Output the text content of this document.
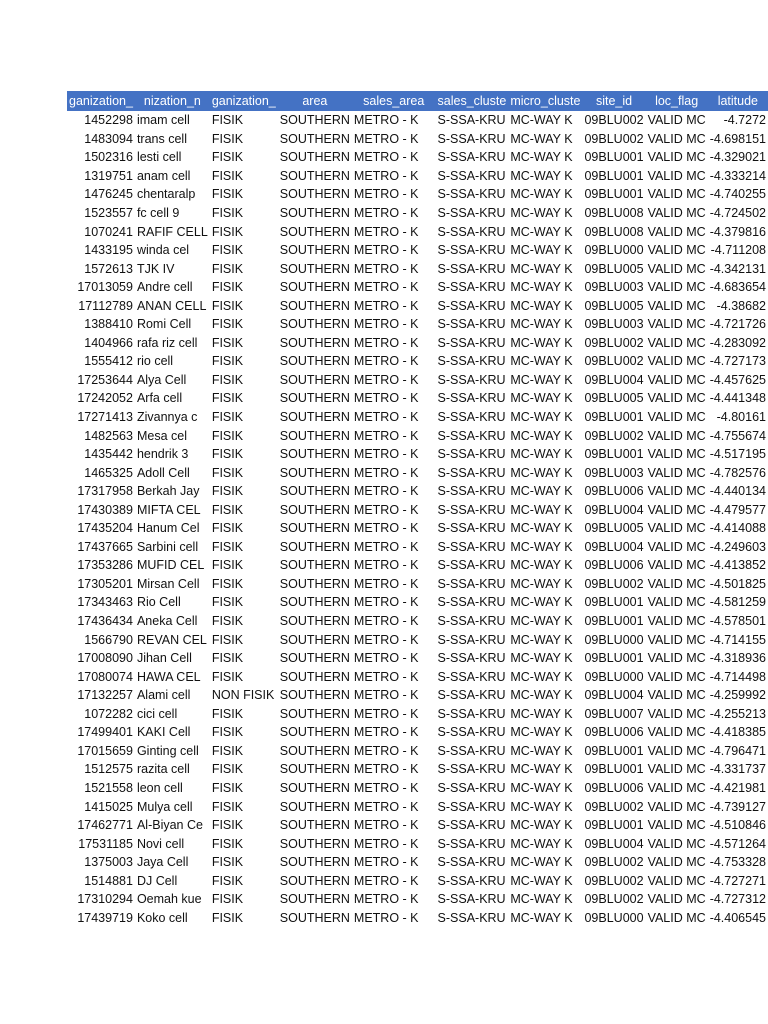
ganization_	nization_n	ganization_	area	sales_area	sales_cluste	micro_cluste	site_id	loc_flag	latitude
1452298	imam cell	FISIK	SOUTHERN	METRO - K	S-SSA-KRU	MC-WAY K	09BLU002	VALID MC	-4.7272
1483094	trans cell	FISIK	SOUTHERN	METRO - K	S-SSA-KRU	MC-WAY K	09BLU002	VALID MC	-4.698151
1502316	lesti cell	FISIK	SOUTHERN	METRO - K	S-SSA-KRU	MC-WAY K	09BLU001	VALID MC	-4.329021
1319751	anam cell	FISIK	SOUTHERN	METRO - K	S-SSA-KRU	MC-WAY K	09BLU001	VALID MC	-4.333214
1476245	chentaralp	FISIK	SOUTHERN	METRO - K	S-SSA-KRU	MC-WAY K	09BLU001	VALID MC	-4.740255
1523557	fc cell 9	FISIK	SOUTHERN	METRO - K	S-SSA-KRU	MC-WAY K	09BLU008	VALID MC	-4.724502
1070241	RAFIF CELL	FISIK	SOUTHERN	METRO - K	S-SSA-KRU	MC-WAY K	09BLU008	VALID MC	-4.379816
1433195	winda cel	FISIK	SOUTHERN	METRO - K	S-SSA-KRU	MC-WAY K	09BLU000	VALID MC	-4.711208
1572613	TJK IV	FISIK	SOUTHERN	METRO - K	S-SSA-KRU	MC-WAY K	09BLU005	VALID MC	-4.342131
17013059	Andre cell	FISIK	SOUTHERN	METRO - K	S-SSA-KRU	MC-WAY K	09BLU003	VALID MC	-4.683654
17112789	ANAN CELL	FISIK	SOUTHERN	METRO - K	S-SSA-KRU	MC-WAY K	09BLU005	VALID MC	-4.38682
1388410	Romi Cell	FISIK	SOUTHERN	METRO - K	S-SSA-KRU	MC-WAY K	09BLU003	VALID MC	-4.721726
1404966	rafa riz cell	FISIK	SOUTHERN	METRO - K	S-SSA-KRU	MC-WAY K	09BLU002	VALID MC	-4.283092
1555412	rio cell	FISIK	SOUTHERN	METRO - K	S-SSA-KRU	MC-WAY K	09BLU002	VALID MC	-4.727173
17253644	Alya Cell	FISIK	SOUTHERN	METRO - K	S-SSA-KRU	MC-WAY K	09BLU004	VALID MC	-4.457625
17242052	Arfa cell	FISIK	SOUTHERN	METRO - K	S-SSA-KRU	MC-WAY K	09BLU005	VALID MC	-4.441348
17271413	Zivannya c	FISIK	SOUTHERN	METRO - K	S-SSA-KRU	MC-WAY K	09BLU001	VALID MC	-4.80161
1482563	Mesa cel	FISIK	SOUTHERN	METRO - K	S-SSA-KRU	MC-WAY K	09BLU002	VALID MC	-4.755674
1435442	hendrik 3	FISIK	SOUTHERN	METRO - K	S-SSA-KRU	MC-WAY K	09BLU001	VALID MC	-4.517195
1465325	Adoll Cell	FISIK	SOUTHERN	METRO - K	S-SSA-KRU	MC-WAY K	09BLU003	VALID MC	-4.782576
17317958	Berkah Jay	FISIK	SOUTHERN	METRO - K	S-SSA-KRU	MC-WAY K	09BLU006	VALID MC	-4.440134
17430389	MIFTA CEL	FISIK	SOUTHERN	METRO - K	S-SSA-KRU	MC-WAY K	09BLU004	VALID MC	-4.479577
17435204	Hanum Cel	FISIK	SOUTHERN	METRO - K	S-SSA-KRU	MC-WAY K	09BLU005	VALID MC	-4.414088
17437665	Sarbini cell	FISIK	SOUTHERN	METRO - K	S-SSA-KRU	MC-WAY K	09BLU004	VALID MC	-4.249603
17353286	MUFID CEL	FISIK	SOUTHERN	METRO - K	S-SSA-KRU	MC-WAY K	09BLU006	VALID MC	-4.413852
17305201	Mirsan Cell	FISIK	SOUTHERN	METRO - K	S-SSA-KRU	MC-WAY K	09BLU002	VALID MC	-4.501825
17343463	Rio Cell	FISIK	SOUTHERN	METRO - K	S-SSA-KRU	MC-WAY K	09BLU001	VALID MC	-4.581259
17436434	Aneka Cell	FISIK	SOUTHERN	METRO - K	S-SSA-KRU	MC-WAY K	09BLU001	VALID MC	-4.578501
1566790	REVAN CEL	FISIK	SOUTHERN	METRO - K	S-SSA-KRU	MC-WAY K	09BLU000	VALID MC	-4.714155
17008090	Jihan Cell	FISIK	SOUTHERN	METRO - K	S-SSA-KRU	MC-WAY K	09BLU001	VALID MC	-4.318936
17080074	HAWA CEL	FISIK	SOUTHERN	METRO - K	S-SSA-KRU	MC-WAY K	09BLU000	VALID MC	-4.714498
17132257	Alami cell	NON FISIK	SOUTHERN	METRO - K	S-SSA-KRU	MC-WAY K	09BLU004	VALID MC	-4.259992
1072282	cici cell	FISIK	SOUTHERN	METRO - K	S-SSA-KRU	MC-WAY K	09BLU007	VALID MC	-4.255213
17499401	KAKI Cell	FISIK	SOUTHERN	METRO - K	S-SSA-KRU	MC-WAY K	09BLU006	VALID MC	-4.418385
17015659	Ginting cell	FISIK	SOUTHERN	METRO - K	S-SSA-KRU	MC-WAY K	09BLU001	VALID MC	-4.796471
1512575	razita cell	FISIK	SOUTHERN	METRO - K	S-SSA-KRU	MC-WAY K	09BLU001	VALID MC	-4.331737
1521558	leon cell	FISIK	SOUTHERN	METRO - K	S-SSA-KRU	MC-WAY K	09BLU006	VALID MC	-4.421981
1415025	Mulya cell	FISIK	SOUTHERN	METRO - K	S-SSA-KRU	MC-WAY K	09BLU002	VALID MC	-4.739127
17462771	Al-Biyan Ce	FISIK	SOUTHERN	METRO - K	S-SSA-KRU	MC-WAY K	09BLU001	VALID MC	-4.510846
17531185	Novi cell	FISIK	SOUTHERN	METRO - K	S-SSA-KRU	MC-WAY K	09BLU004	VALID MC	-4.571264
1375003	Jaya Cell	FISIK	SOUTHERN	METRO - K	S-SSA-KRU	MC-WAY K	09BLU002	VALID MC	-4.753328
1514881	DJ Cell	FISIK	SOUTHERN	METRO - K	S-SSA-KRU	MC-WAY K	09BLU002	VALID MC	-4.727271
17310294	Oemah kue	FISIK	SOUTHERN	METRO - K	S-SSA-KRU	MC-WAY K	09BLU002	VALID MC	-4.727312
17439719	Koko cell	FISIK	SOUTHERN	METRO - K	S-SSA-KRU	MC-WAY K	09BLU000	VALID MC	-4.406545
